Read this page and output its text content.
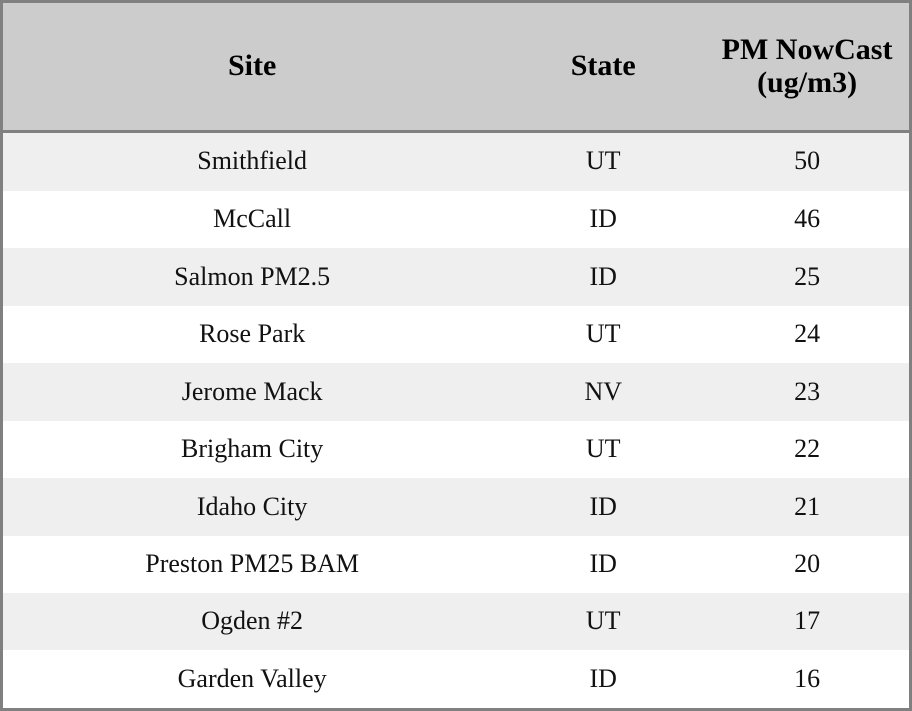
Site	State	PM NowCast (ug/m3)
Smithfield	UT	50
McCall	ID	46
Salmon PM2.5	ID	25
Rose Park	UT	24
Jerome Mack	NV	23
Brigham City	UT	22
Idaho City	ID	21
Preston PM25 BAM	ID	20
Ogden #2	UT	17
Garden Valley	ID	16
